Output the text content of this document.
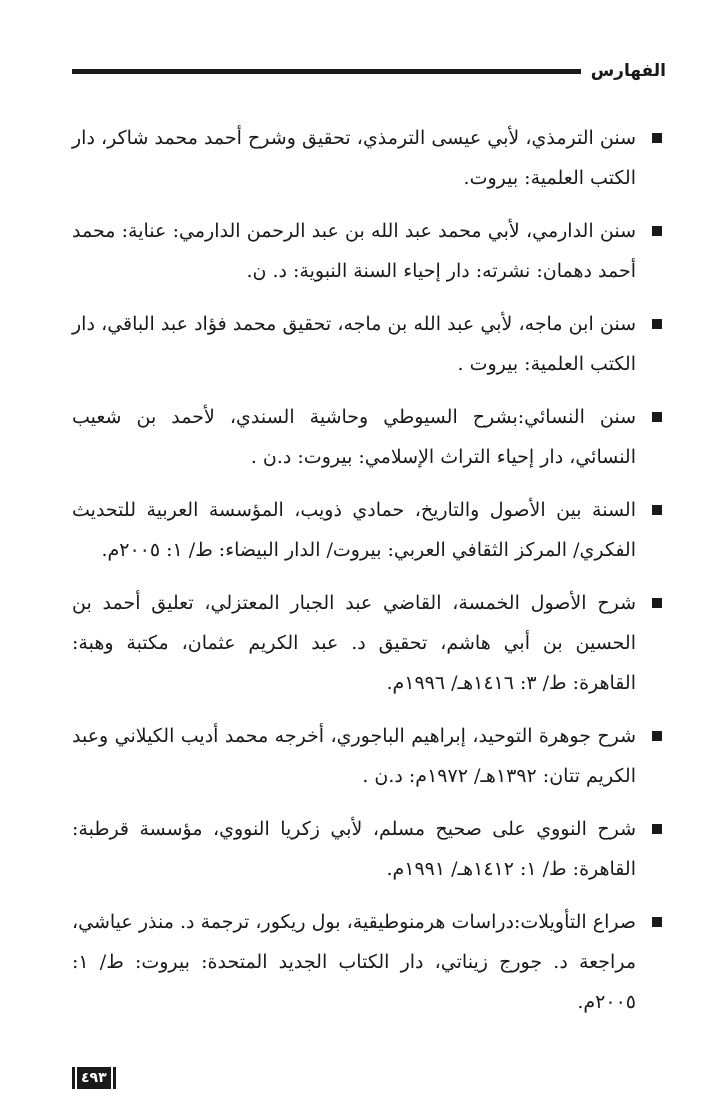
الفهارس
سنن الترمذي، لأبي عيسى الترمذي، تحقيق وشرح أحمد محمد شاكر، دار الكتب العلمية: بيروت.
سنن الدارمي، لأبي محمد عبد الله بن عبد الرحمن الدارمي: عناية: محمد أحمد دهمان: نشرته: دار إحياء السنة النبوية: د. ن.
سنن ابن ماجه، لأبي عبد الله بن ماجه، تحقيق محمد فؤاد عبد الباقي، دار الكتب العلمية: بيروت .
سنن النسائي:بشرح السيوطي وحاشية السندي، لأحمد بن شعيب النسائي، دار إحياء التراث الإسلامي: بيروت: د.ن .
السنة بين الأصول والتاريخ، حمادي ذويب، المؤسسة العربية للتحديث الفكري/ المركز الثقافي العربي: بيروت/ الدار البيضاء: ط/ ١: ٢٠٠٥م.
شرح الأصول الخمسة، القاضي عبد الجبار المعتزلي، تعليق أحمد بن الحسين بن أبي هاشم، تحقيق د. عبد الكريم عثمان، مكتبة وهبة: القاهرة: ط/ ٣: ١٤١٦هـ/ ١٩٩٦م.
شرح جوهرة التوحيد، إبراهيم الباجوري، أخرجه محمد أديب الكيلاني وعبد الكريم تتان: ١٣٩٢هـ/ ١٩٧٢م: د.ن .
شرح النووي على صحيح مسلم، لأبي زكريا النووي، مؤسسة قرطبة: القاهرة: ط/ ١: ١٤١٢هـ/ ١٩٩١م.
صراع التأويلات:دراسات هرمنوطيقية، بول ريكور، ترجمة د. منذر عياشي، مراجعة د. جورج زيناتي، دار الكتاب الجديد المتحدة: بيروت: ط/ ١: ٢٠٠٥م.
٤٩٣
